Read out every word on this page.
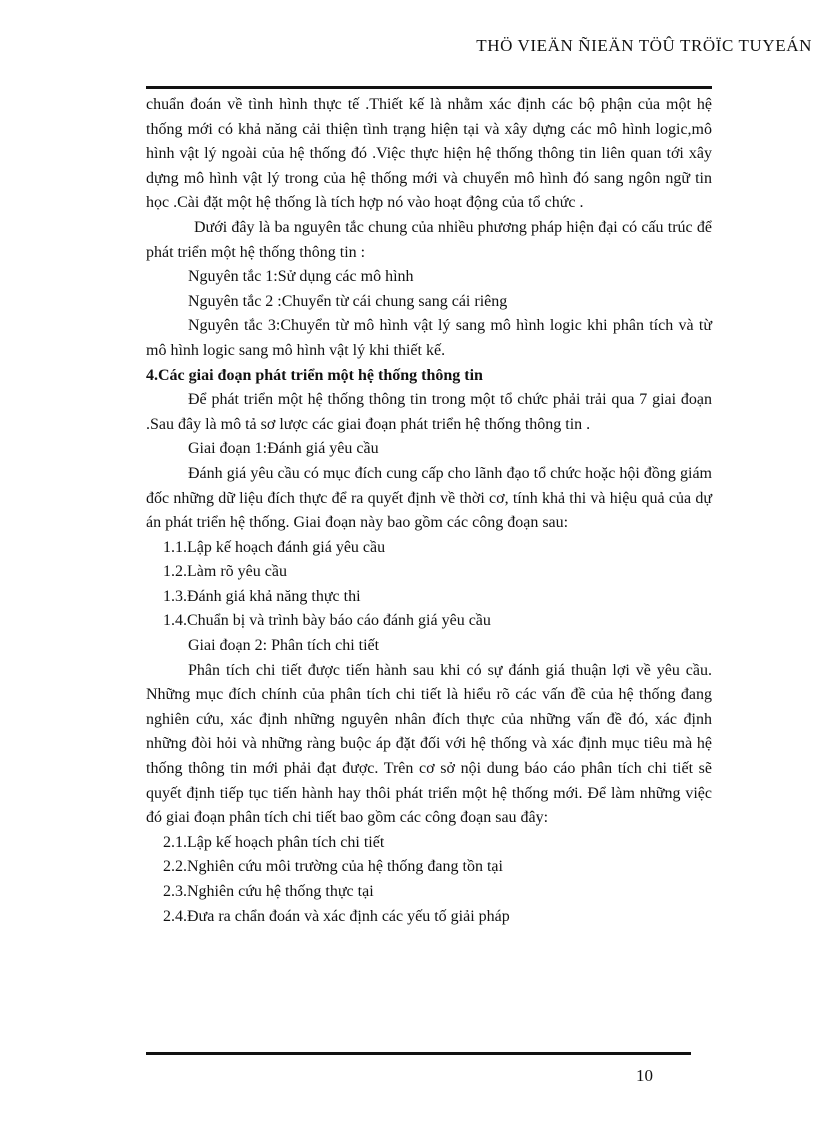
THÖ VIEÄN ÑIEÄN TÖÛ TRÖÏC TUYEÁN

chuẩn đoán về tình hình thực tế .Thiết kế là nhằm xác định các bộ phận của một hệ thống mới có khả năng cải thiện tình trạng hiện tại và xây dựng các mô hình logic,mô hình vật lý ngoài của hệ thống đó .Việc thực hiện hệ thống thông tin liên quan tới xây dựng mô hình vật lý trong của hệ thống mới và chuyển mô hình đó sang ngôn ngữ tin học .Cài đặt một hệ thống là tích hợp nó vào hoạt động của tổ chức .

Dưới đây là ba nguyên tắc chung của nhiều phương pháp hiện đại có cấu trúc để phát triển một hệ thống thông tin :

Nguyên tắc 1:Sử dụng các mô hình

Nguyên tắc 2 :Chuyển từ cái chung sang cái riêng

Nguyên tắc 3:Chuyển từ mô hình vật lý sang mô hình logic khi phân tích và từ mô hình logic sang mô hình vật lý khi thiết kế.

4.Các giai đoạn phát triển một hệ thống thông tin

Để phát triển một hệ thống thông tin trong một tổ chức phải trải qua 7 giai đoạn .Sau đây là mô tả sơ lược các giai đoạn phát triển hệ thống thông tin .

Giai đoạn 1:Đánh giá yêu cầu

Đánh giá yêu cầu có mục đích cung cấp cho lãnh đạo tổ chức hoặc hội đồng giám đốc những dữ liệu đích thực để ra quyết định về thời cơ, tính khả thi và hiệu quả của dự án phát triển hệ thống. Giai đoạn này bao gồm các công đoạn sau:

1.1.Lập kế hoạch đánh giá yêu cầu

1.2.Làm rõ yêu cầu

1.3.Đánh giá khả năng thực thi

1.4.Chuẩn bị và trình bày báo cáo đánh giá yêu cầu

Giai đoạn 2: Phân tích chi tiết

Phân tích chi tiết được tiến hành sau khi có sự đánh giá thuận lợi về yêu cầu. Những mục đích chính của phân tích chi tiết là hiểu rõ các vấn đề của hệ thống đang nghiên cứu, xác định những nguyên nhân đích thực của những vấn đề đó, xác định những đòi hỏi và những ràng buộc áp đặt đối với hệ thống và xác định mục tiêu mà hệ thống thông tin mới phải đạt được. Trên cơ sở nội dung báo cáo phân tích chi tiết sẽ quyết định tiếp tục tiến hành hay thôi phát triển một hệ thống mới. Để làm những việc đó giai đoạn phân tích chi tiết bao gồm các công đoạn sau đây:

2.1.Lập kế hoạch phân tích chi tiết

2.2.Nghiên cứu môi trường của hệ thống đang tồn tại

2.3.Nghiên cứu hệ thống thực tại

2.4.Đưa ra chẩn đoán và xác định các yếu tố giải pháp

10
